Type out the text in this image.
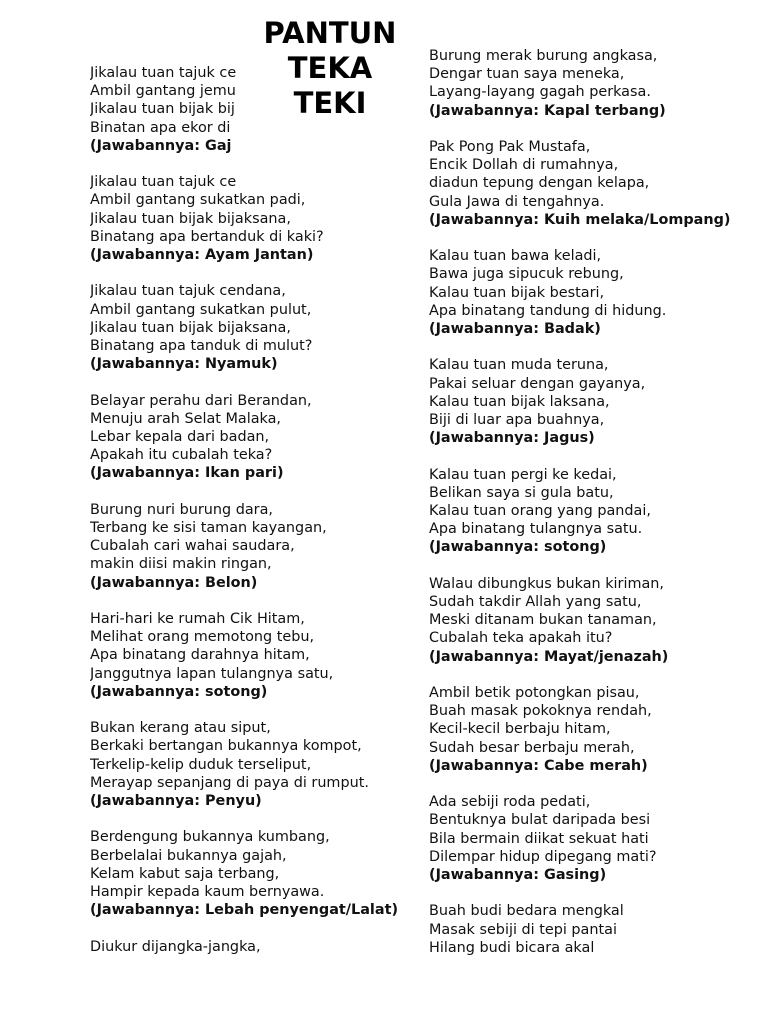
PANTUN
TEKA
TEKI
Jikalau tuan tajuk ce
Ambil gantang jemu
Jikalau tuan bijak bij
Binatan apa ekor di
(Jawabannya: Gaj
Jikalau tuan tajuk ce
Ambil gantang sukatkan padi,
Jikalau tuan bijak bijaksana,
Binatang apa bertanduk di kaki?
(Jawabannya: Ayam Jantan)
Jikalau tuan tajuk cendana,
Ambil gantang sukatkan pulut,
Jikalau tuan bijak bijaksana,
Binatang apa tanduk di mulut?
(Jawabannya: Nyamuk)
Belayar perahu dari Berandan,
Menuju arah Selat Malaka,
Lebar kepala dari badan,
Apakah itu cubalah teka?
(Jawabannya: Ikan pari)
Burung nuri burung dara,
Terbang ke sisi taman kayangan,
Cubalah cari wahai saudara,
makin diisi makin ringan,
(Jawabannya: Belon)
Hari-hari ke rumah Cik Hitam,
Melihat orang memotong tebu,
Apa binatang darahnya hitam,
Janggutnya lapan tulangnya satu,
(Jawabannya: sotong)
Bukan kerang atau siput,
Berkaki bertangan bukannya kompot,
Terkelip-kelip duduk terseliput,
Merayap sepanjang di paya di rumput.
(Jawabannya: Penyu)
Berdengung bukannya kumbang,
Berbelalai bukannya gajah,
Kelam kabut saja terbang,
Hampir kepada kaum bernyawa.
(Jawabannya: Lebah penyengat/Lalat)
Diukur dijangka-jangka,
Burung merak burung angkasa,
Dengar tuan saya meneka,
Layang-layang gagah perkasa.
(Jawabannya: Kapal terbang)
Pak Pong Pak Mustafa,
Encik Dollah di rumahnya,
diadun tepung dengan kelapa,
Gula Jawa di tengahnya.
(Jawabannya: Kuih melaka/Lompang)
Kalau tuan bawa keladi,
Bawa juga sipucuk rebung,
Kalau tuan bijak bestari,
Apa binatang tandung di hidung.
(Jawabannya: Badak)
Kalau tuan muda teruna,
Pakai seluar dengan gayanya,
Kalau tuan bijak laksana,
Biji di luar apa buahnya,
(Jawabannya: Jagus)
Kalau tuan pergi ke kedai,
Belikan saya si gula batu,
Kalau tuan orang yang pandai,
Apa binatang tulangnya satu.
(Jawabannya: sotong)
Walau dibungkus bukan kiriman,
Sudah takdir Allah yang satu,
Meski ditanam bukan tanaman,
Cubalah teka apakah itu?
(Jawabannya: Mayat/jenazah)
Ambil betik potongkan pisau,
Buah masak pokoknya rendah,
Kecil-kecil berbaju hitam,
Sudah besar berbaju merah,
(Jawabannya: Cabe merah)
Ada sebiji roda pedati,
Bentuknya bulat daripada besi
Bila bermain diikat sekuat hati
Dilempar hidup dipegang mati?
(Jawabannya: Gasing)
Buah budi bedara mengkal
Masak sebiji di tepi pantai
Hilang budi bicara akal
